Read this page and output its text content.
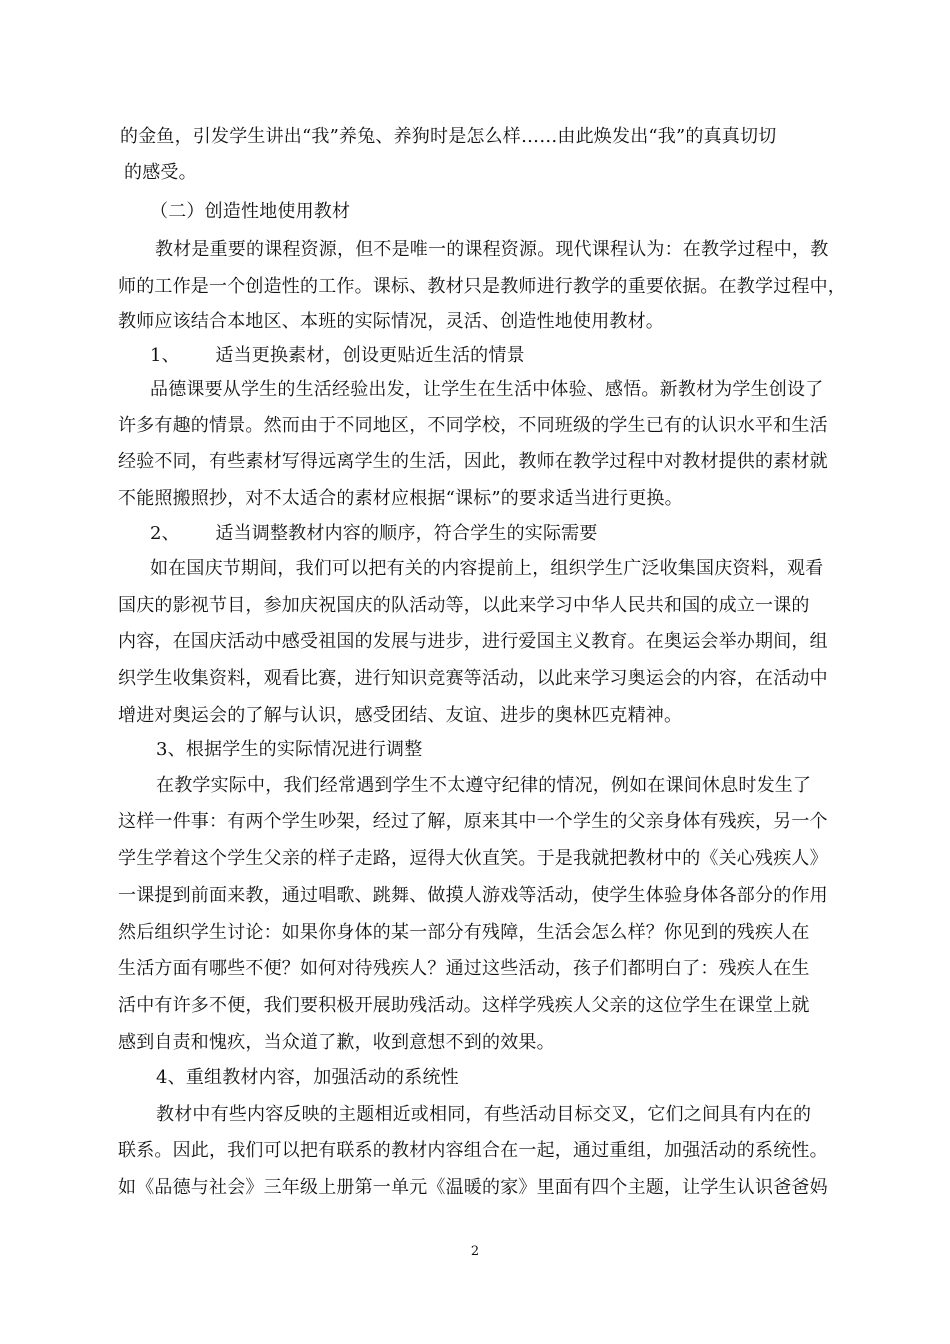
的金鱼，引发学生讲出“我”养兔、养狗时是怎么样……由此焕发出“我”的真真切切
的感受。
（二）创造性地使用教材
教材是重要的课程资源，但不是唯一的课程资源。现代课程认为：在教学过程中，教
师的工作是一个创造性的工作。课标、教材只是教师进行教学的重要依据。在教学过程中，
教师应该结合本地区、本班的实际情况，灵活、创造性地使用教材。
1、      适当更换素材，创设更贴近生活的情景
品德课要从学生的生活经验出发，让学生在生活中体验、感悟。新教材为学生创设了
许多有趣的情景。然而由于不同地区，不同学校，不同班级的学生已有的认识水平和生活
经验不同，有些素材写得远离学生的生活，因此，教师在教学过程中对教材提供的素材就
不能照搬照抄，对不太适合的素材应根据“课标”的要求适当进行更换。
2、      适当调整教材内容的顺序，符合学生的实际需要
如在国庆节期间，我们可以把有关的内容提前上，组织学生广泛收集国庆资料，观看
国庆的影视节目，参加庆祝国庆的队活动等，以此来学习中华人民共和国的成立一课的
内容，在国庆活动中感受祖国的发展与进步，进行爱国主义教育。在奥运会举办期间，组
织学生收集资料，观看比赛，进行知识竞赛等活动，以此来学习奥运会的内容，在活动中
增进对奥运会的了解与认识，感受团结、友谊、进步的奥林匹克精神。
3、根据学生的实际情况进行调整
在教学实际中，我们经常遇到学生不太遵守纪律的情况，例如在课间休息时发生了
这样一件事：有两个学生吵架，经过了解，原来其中一个学生的父亲身体有残疾，另一个
学生学着这个学生父亲的样子走路，逗得大伙直笑。于是我就把教材中的《关心残疾人》
一课提到前面来教，通过唱歌、跳舞、做摸人游戏等活动，使学生体验身体各部分的作用
然后组织学生讨论：如果你身体的某一部分有残障，生活会怎么样？你见到的残疾人在
生活方面有哪些不便？如何对待残疾人？通过这些活动，孩子们都明白了：残疾人在生
活中有许多不便，我们要积极开展助残活动。这样学残疾人父亲的这位学生在课堂上就
感到自责和愧疚，当众道了歉，收到意想不到的效果。
4、重组教材内容，加强活动的系统性
教材中有些内容反映的主题相近或相同，有些活动目标交叉，它们之间具有内在的
联系。因此，我们可以把有联系的教材内容组合在一起，通过重组，加强活动的系统性。
如《品德与社会》三年级上册第一单元《温暖的家》里面有四个主题，让学生认识爸爸妈
2
